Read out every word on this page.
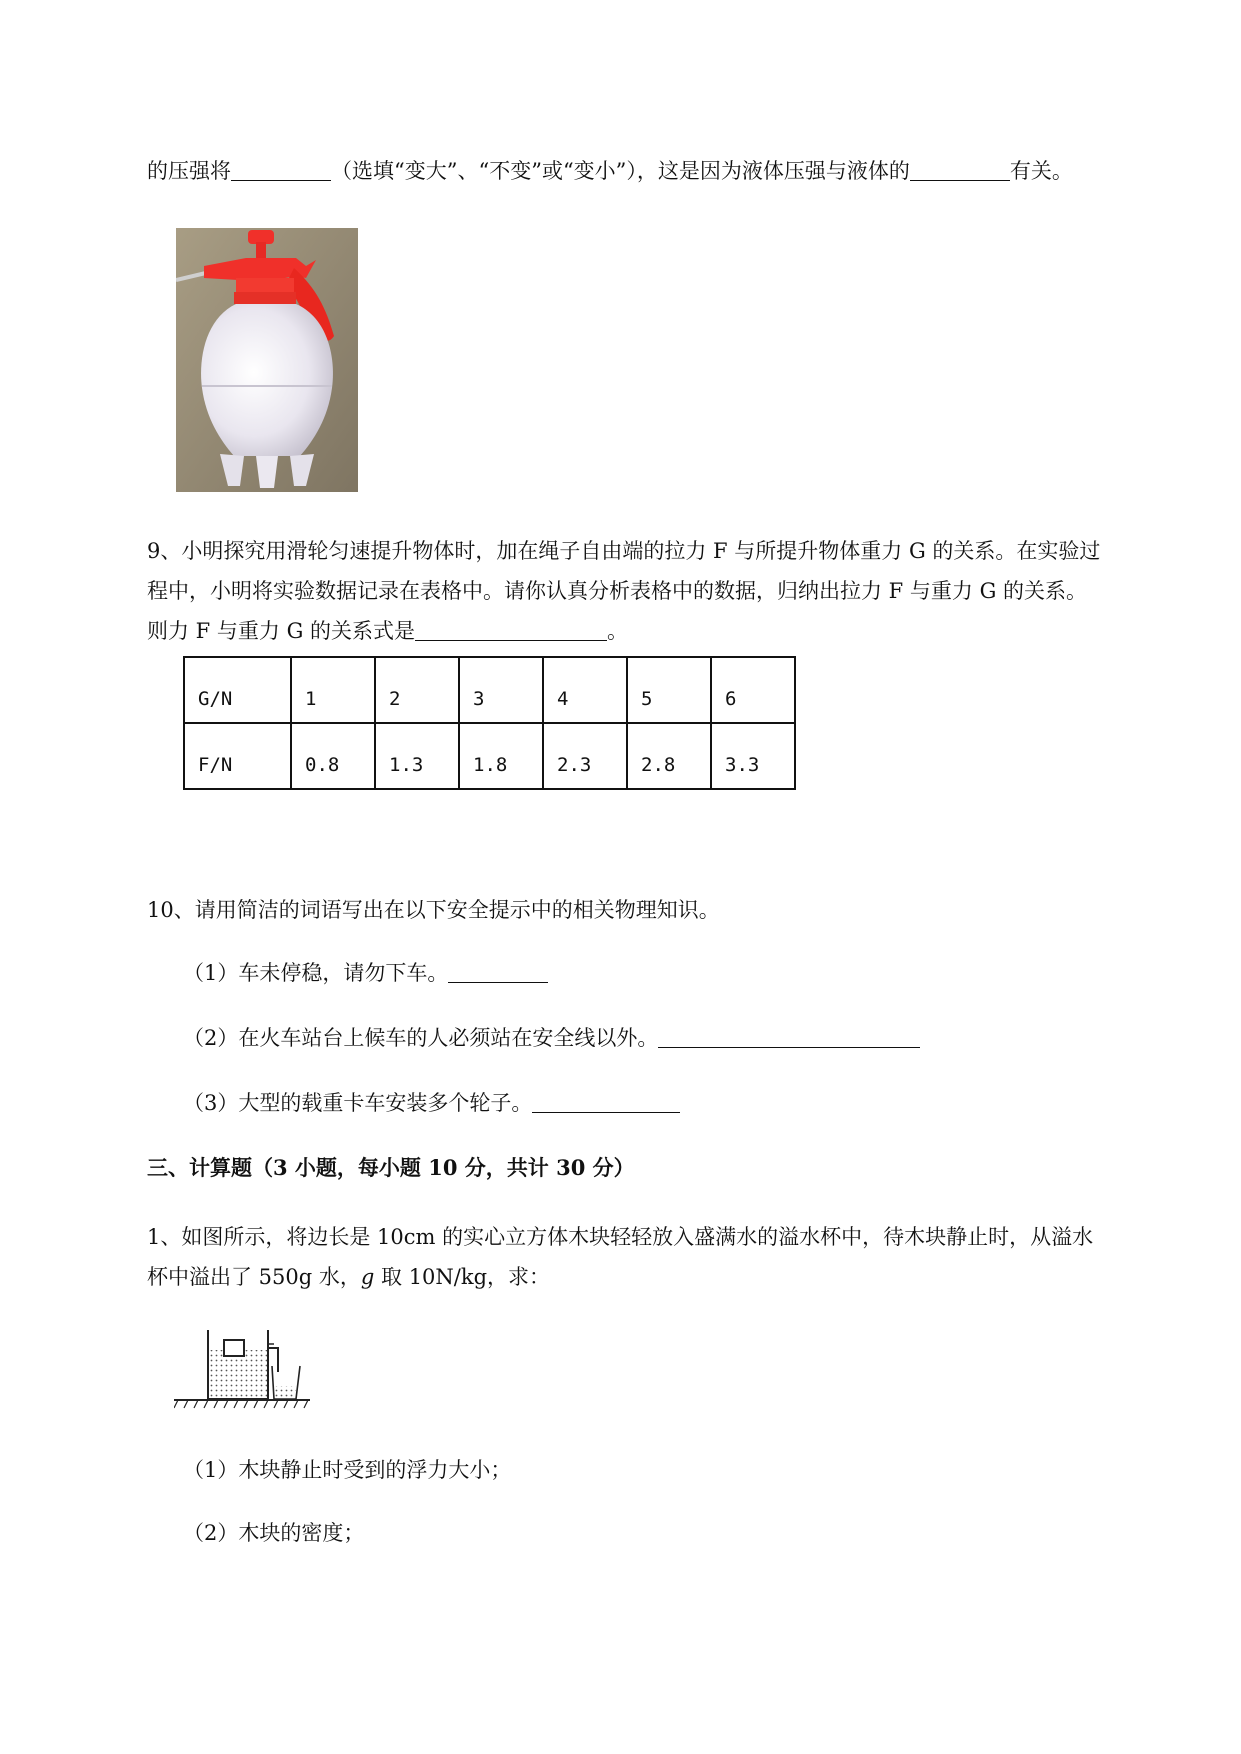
的压强将	（选填“变大”、“不变”或“变小”），这是因为液体压强与液体的	有关。
9、小明探究用滑轮匀速提升物体时，加在绳子自由端的拉力 F 与所提升物体重力 G 的关系。在实验过
程中，小明将实验数据记录在表格中。请你认真分析表格中的数据，归纳出拉力 F 与重力 G 的关系。
则力 F 与重力 G 的关系式是	。
G/N	1	2	3	4	5	6
F/N	0.8	1.3	1.8	2.3	2.8	3.3
10、请用简洁的词语写出在以下安全提示中的相关物理知识。
（1）车未停稳，请勿下车。
（2）在火车站台上候车的人必须站在安全线以外。
（3）大型的载重卡车安装多个轮子。
三、计算题（3 小题，每小题 10 分，共计 30 分）
1、如图所示，将边长是 10cm 的实心立方体木块轻轻放入盛满水的溢水杯中，待木块静止时，从溢水
杯中溢出了 550g 水，g 取 10N/kg，求：
（1）木块静止时受到的浮力大小；
（2）木块的密度；
